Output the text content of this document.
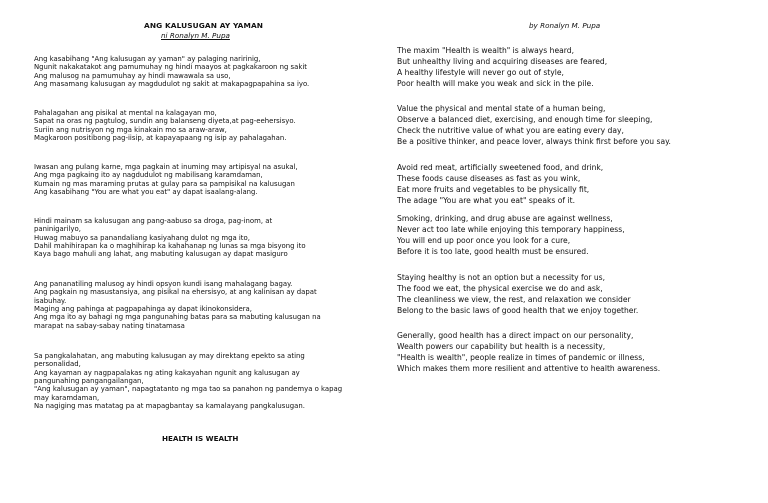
ANG KALUSUGAN AY YAMAN
ni Ronalyn M. Pupa
Ang kasabihang "Ang kalusugan ay yaman" ay palaging naririnig,
Ngunit nakakatakot ang pamumuhay ng hindi maayos at pagkakaroon ng sakit
Ang malusog na pamumuhay ay hindi mawawala sa uso,
Ang masamang kalusugan ay magdudulot ng sakit at makapagpapahina sa iyo.
Pahalagahan ang pisikal at mental na kalagayan mo,
Sapat na oras ng pagtulog, sundin ang balanseng diyeta,at pag-eehersisyo.
Suriin ang nutrisyon ng mga kinakain mo sa araw-araw,
Magkaroon positibong pag-iisip, at kapayapaang ng isip ay pahalagahan.
Iwasan ang pulang karne, mga pagkain at inuming may artipisyal na asukal,
Ang mga pagkaing ito ay nagdudulot ng mabilisang karamdaman,
Kumain ng mas maraming prutas at gulay para sa pampisikal na kalusugan
Ang kasabihang "You are what you eat" ay dapat isaalang-alang.
Hindi mainam sa kalusugan ang pang-aabuso sa droga, pag-inom, at
paninigarilyo,
Huwag mabuyo sa panandaliang kasiyahang dulot ng mga ito,
Dahil mahihirapan ka o maghihirap ka kahahanap ng lunas sa mga bisyong ito
Kaya bago mahuli ang lahat, ang mabuting kalusugan ay dapat masiguro
Ang pananatiling malusog ay hindi opsyon kundi isang mahalagang bagay.
Ang pagkain ng masustansiya, ang pisikal na ehersisyo, at ang kalinisan ay dapat
isabuhay.
Maging ang pahinga at pagpapahinga ay dapat ikinokonsidera,
Ang mga ito ay bahagi ng mga pangunahing batas para sa mabuting kalusugan na
marapat na sabay-sabay nating tinatamasa
Sa pangkalahatan, ang mabuting kalusugan ay may direktang epekto sa ating
personalidad,
Ang kayaman ay nagpapalakas ng ating kakayahan ngunit ang kalusugan ay
pangunahing pangangailangan,
"Ang kalusugan ay yaman", napagtatanto ng mga tao sa panahon ng pandemya o kapag
may karamdaman,
Na nagiging mas matatag pa at mapagbantay sa kamalayang pangkalusugan.
HEALTH IS WEALTH
by Ronalyn M. Pupa
The maxim "Health is wealth" is always heard,
But unhealthy living and acquiring diseases are feared,
A healthy lifestyle will never go out of style,
Poor health will make you weak and sick in the pile.
Value the physical and mental state of a human being,
Observe a balanced diet, exercising, and enough time for sleeping,
Check the nutritive value of what you are eating every day,
Be a positive thinker, and peace lover, always think first before you say.
Avoid red meat, artificially sweetened food, and drink,
These foods cause diseases as fast as you wink,
Eat more fruits and vegetables to be physically fit,
The adage "You are what you eat" speaks of it.
Smoking, drinking, and drug abuse are against wellness,
Never act too late while enjoying this temporary happiness,
You will end up poor once you look for a cure,
Before it is too late, good health must be ensured.
Staying healthy is not an option but a necessity for us,
The food we eat, the physical exercise we do and ask,
The cleanliness we view, the rest, and relaxation we consider
Belong to the basic laws of good health that we enjoy together.
Generally, good health has a direct impact on our personality,
Wealth powers our capability but health is a necessity,
"Health is wealth", people realize in times of pandemic or illness,
Which makes them more resilient and attentive to health awareness.
